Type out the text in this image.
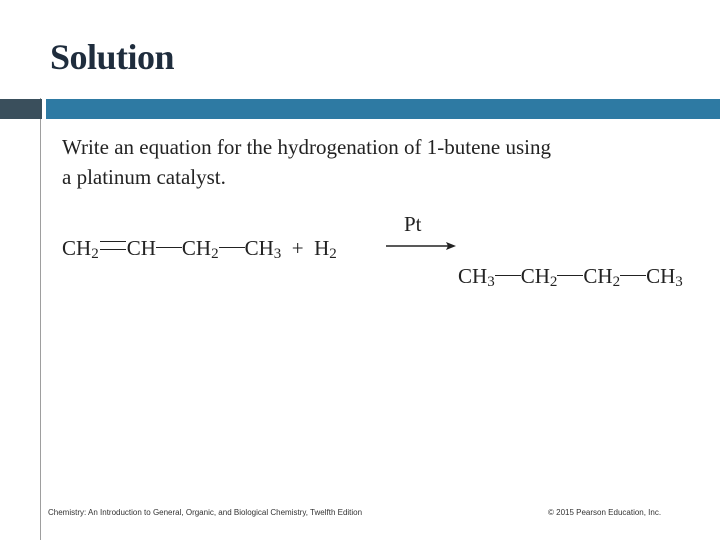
Solution
Write an equation for the hydrogenation of 1-butene using
a platinum catalyst.
$CH_2$ CH $CH_2$ $CH_3 + H_2$
Pt
$CH_3$ $CH_2$ $CH_2$ $CH_3$
Chemistry: An Introduction to General, Organic, and Biological Chemistry, Twelfth Edition	© 2015 Pearson Education, Inc.
